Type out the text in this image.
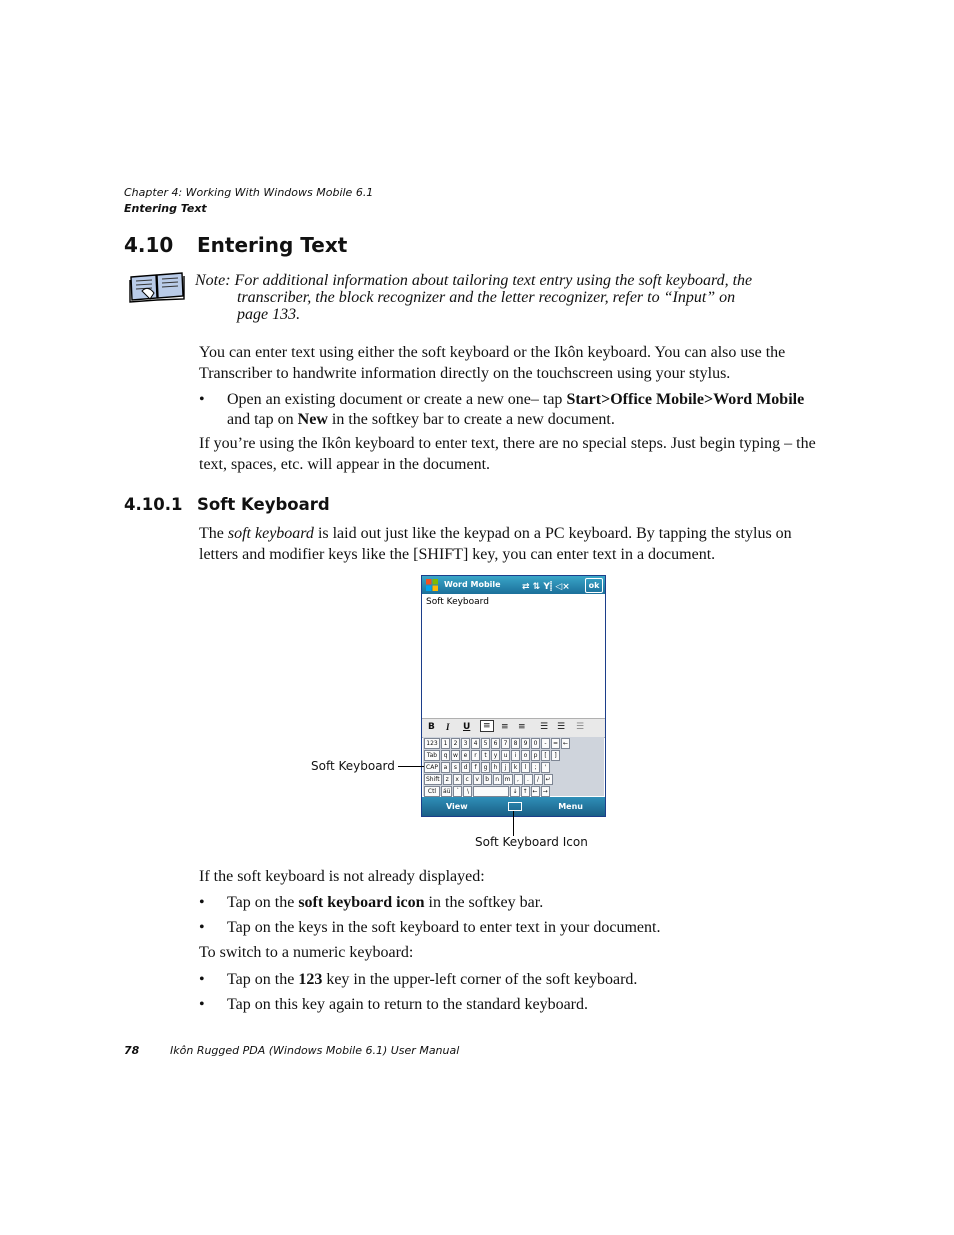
Chapter 4: Working With Windows Mobile 6.1
Entering Text
4.10 Entering Text
Note: For additional information about tailoring text entry using the soft keyboard, the
transcriber, the block recognizer and the letter recognizer, refer to “Input” on
page 133.
You can enter text using either the soft keyboard or the Ikôn keyboard. You can also use the Transcriber to handwrite information directly on the touchscreen using your stylus.
• Open an existing document or create a new one– tap Start>Office Mobile>Word Mobile and tap on New in the softkey bar to create a new document.
If you’re using the Ikôn keyboard to enter text, there are no special steps. Just begin typing – the text, spaces, etc. will appear in the document.
4.10.1 Soft Keyboard
The soft keyboard is laid out just like the keypad on a PC keyboard. By tapping the stylus on letters and modifier keys like the [SHIFT] key, you can enter text in a document.
Word Mobile ⇄ ⇅ Y⸽ ◁×	ok
Soft Keyboard
B I U	≡	≡ ≡ ☰ ☰ ☰
123 1	2	3	4	5	6	7	8	9	0	-	= ←
Tab	q w e	r	t	y	u	i	o	p	[	]
CAP a	s	d	f	g	h	j	k	l	;	'
Shift z	x	c	v	b	n m	,	.	/	↵
Ctl	áü	`	\	↓ ↑ ← →
View	Menu
Soft Keyboard
Soft Keyboard Icon
If the soft keyboard is not already displayed:
• Tap on the soft keyboard icon in the softkey bar.
• Tap on the keys in the soft keyboard to enter text in your document.
To switch to a numeric keyboard:
• Tap on the 123 key in the upper-left corner of the soft keyboard.
• Tap on this key again to return to the standard keyboard.
78	Ikôn Rugged PDA (Windows Mobile 6.1) User Manual
